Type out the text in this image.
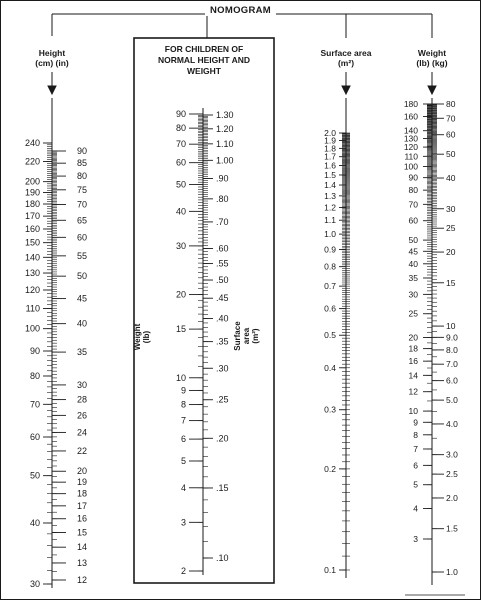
240
220
200
190
180
170
160
150
140
130
120
110
100
90
80
70
60
50
40
30
90
85
80
75
70
65
60
55
50
45
40
35
30
28
26
24
22
20
19
18
17
16
15
14
13
12
90
80
70
60
50
40
30
20
15
10
9
8
7
6
5
4
3
2
1.30
1.20
1.10
1.00
.90
.80
.70
.60
.55
.50
.45
.40
.35
.30
.25
.20
.15
.10
2.0
1.9
1.8
1.7
1.6
1.5
1.4
1.3
1.2
1.1
1.0
0.9
0.8
0.7
0.6
0.5
0.4
0.3
0.2
0.1
180
160
140
130
120
110
100
90
80
70
60
50
45
40
35
30
25
20
18
16
14
12
10
9
8
7
6
5
4
3
80
70
60
50
40
30
25
20
15
10
9.0
8.0
7.0
6.0
5.0
4.0
3.0
2.5
2.0
1.5
1.0
NOMOGRAM
Height
(cm) (in)
Surface area
(m²)
Weight
(lb) (kg)
FOR CHILDREN OF
NORMAL HEIGHT AND
WEIGHT
Weight (lb)	Surface area (m²)
